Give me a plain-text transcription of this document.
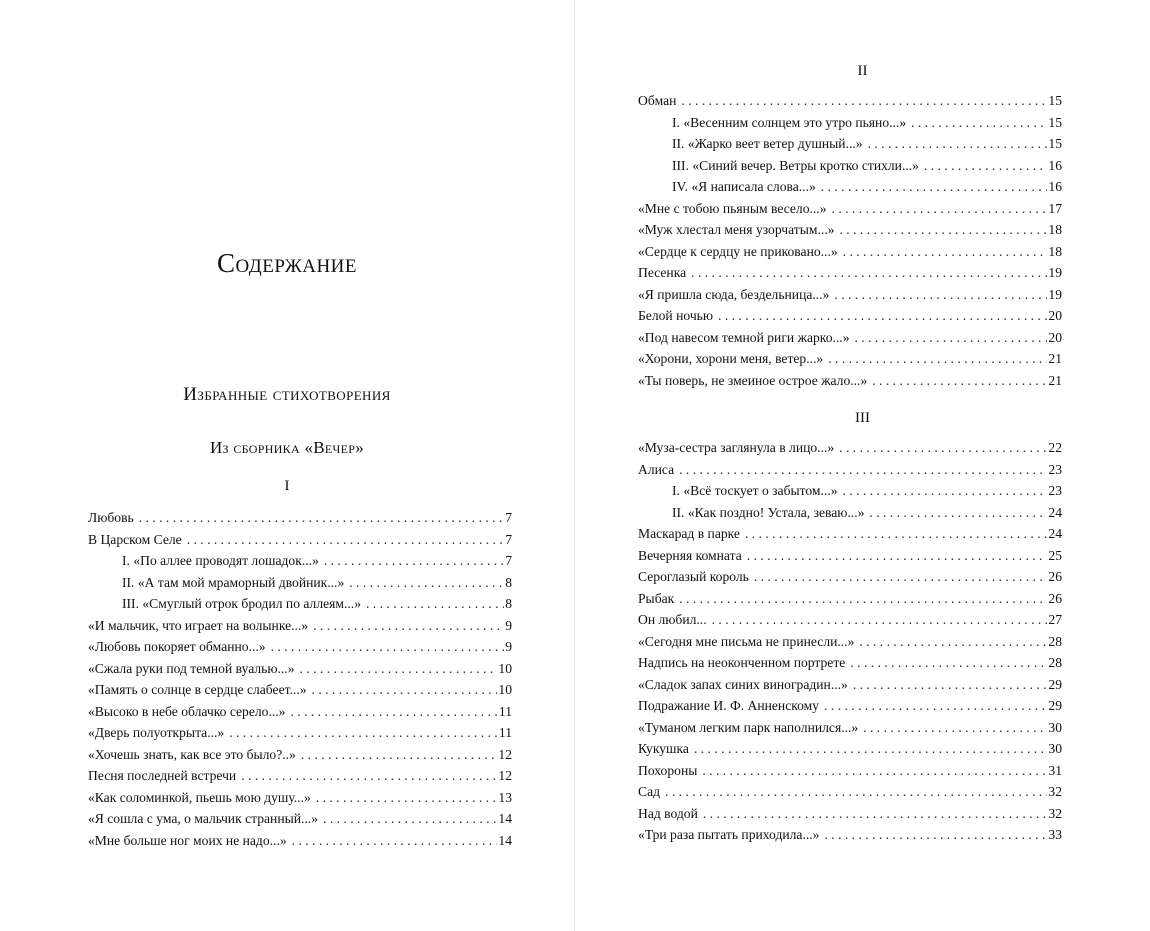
Содержание
Избранные стихотворения
Из сборника «Вечер»
I
Любовь . . .	7
В Царском Селе . . .	7
I. «По аллее проводят лошадок...» . . .	7
II. «А там мой мраморный двойник...» . . .	8
III. «Смуглый отрок бродил по аллеям...» . . .	8
«И мальчик, что играет на волынке...» . . .	9
«Любовь покоряет обманно...» . . .	9
«Сжала руки под темной вуалью...» . . .	10
«Память о солнце в сердце слабеет...» . . .	10
«Высоко в небе облачко серело...» . . .	11
«Дверь полуоткрыта...» . . .	11
«Хочешь знать, как все это было?..» . . .	12
Песня последней встречи . . .	12
«Как соломинкой, пьешь мою душу...» . . .	13
«Я сошла с ума, о мальчик странный...» . . .	14
«Мне больше ног моих не надо...» . . .	14
II
Обман . . .	15
I. «Весенним солнцем это утро пьяно...» . . .	15
II. «Жарко веет ветер душный...» . . .	15
III. «Синий вечер. Ветры кротко стихли...» . . .	16
IV. «Я написала слова...» . . .	16
«Мне с тобою пьяным весело...» . . .	17
«Муж хлестал меня узорчатым...» . . .	18
«Сердце к сердцу не приковано...» . . .	18
Песенка . . .	19
«Я пришла сюда, бездельница...» . . .	19
Белой ночью . . .	20
«Под навесом темной риги жарко...» . . .	20
«Хорони, хорони меня, ветер...» . . .	21
«Ты поверь, не змеиное острое жало...» . . .	21
III
«Муза-сестра заглянула в лицо...» . . .	22
Алиса . . .	23
I. «Всё тоскует о забытом...» . . .	23
II. «Как поздно! Устала, зеваю...» . . .	24
Маскарад в парке . . .	24
Вечерняя комната . . .	25
Сероглазый король . . .	26
Рыбак . . .	26
Он любил... . . .	27
«Сегодня мне письма не принесли...» . . .	28
Надпись на неоконченном портрете . . .	28
«Сладок запах синих виноградин...» . . .	29
Подражание И. Ф. Анненскому . . .	29
«Туманом легким парк наполнился...» . . .	30
Кукушка . . .	30
Похороны . . .	31
Сад . . .	32
Над водой . . .	32
«Три раза пытать приходила...» . . .	33
